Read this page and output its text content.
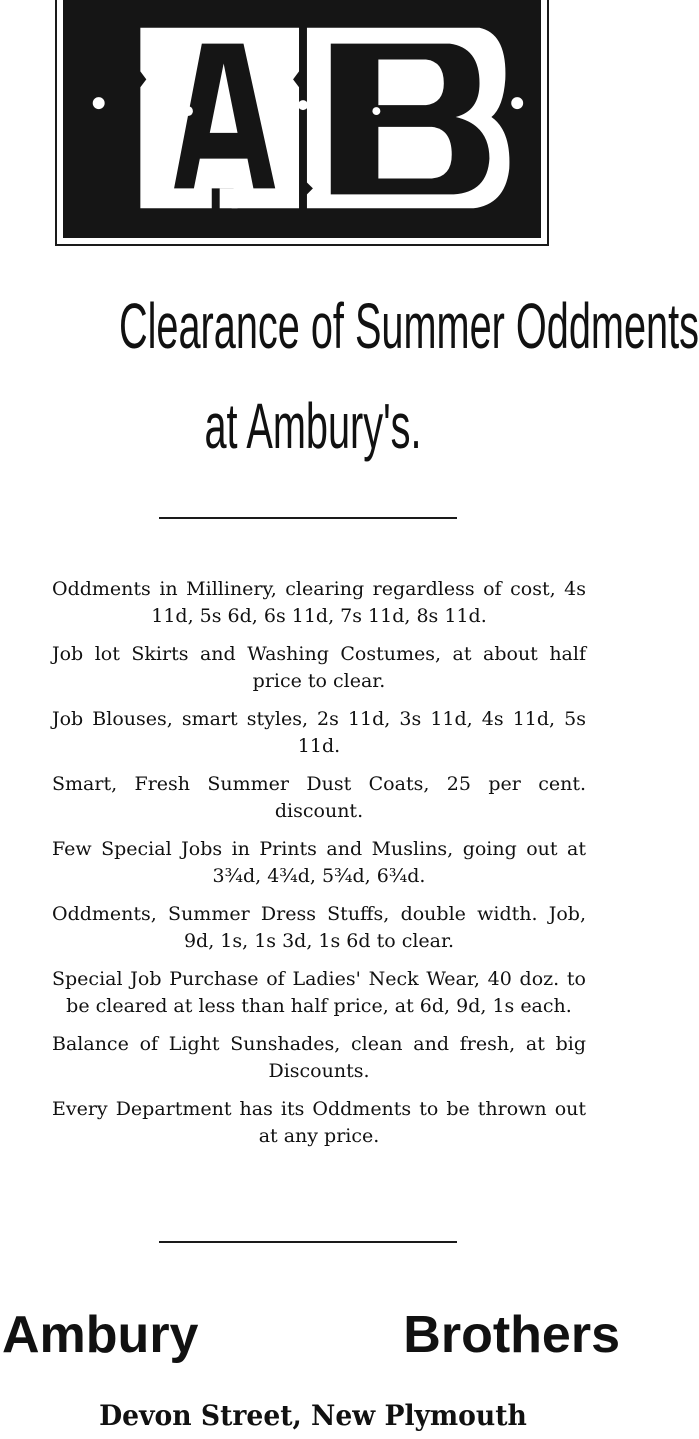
Clearance of Summer Oddments
at Ambury's.
Oddments in Millinery, clearing regardless of cost, 4s 11d, 5s 6d, 6s 11d, 7s 11d, 8s 11d.
Job lot Skirts and Washing Costumes, at about half price to clear.
Job Blouses, smart styles, 2s 11d, 3s 11d, 4s 11d, 5s 11d.
Smart, Fresh Summer Dust Coats, 25 per cent. discount.
Few Special Jobs in Prints and Muslins, going out at 3¾d, 4¾d, 5¾d, 6¾d.
Oddments, Summer Dress Stuffs, double width. Job, 9d, 1s, 1s 3d, 1s 6d to clear.
Special Job Purchase of Ladies' Neck Wear, 40 doz. to be cleared at less than half price, at 6d, 9d, 1s each.
Balance of Light Sunshades, clean and fresh, at big Discounts.
Every Department has its Oddments to be thrown out at any price.
Ambury	Brothers

Devon Street, New Plymouth
